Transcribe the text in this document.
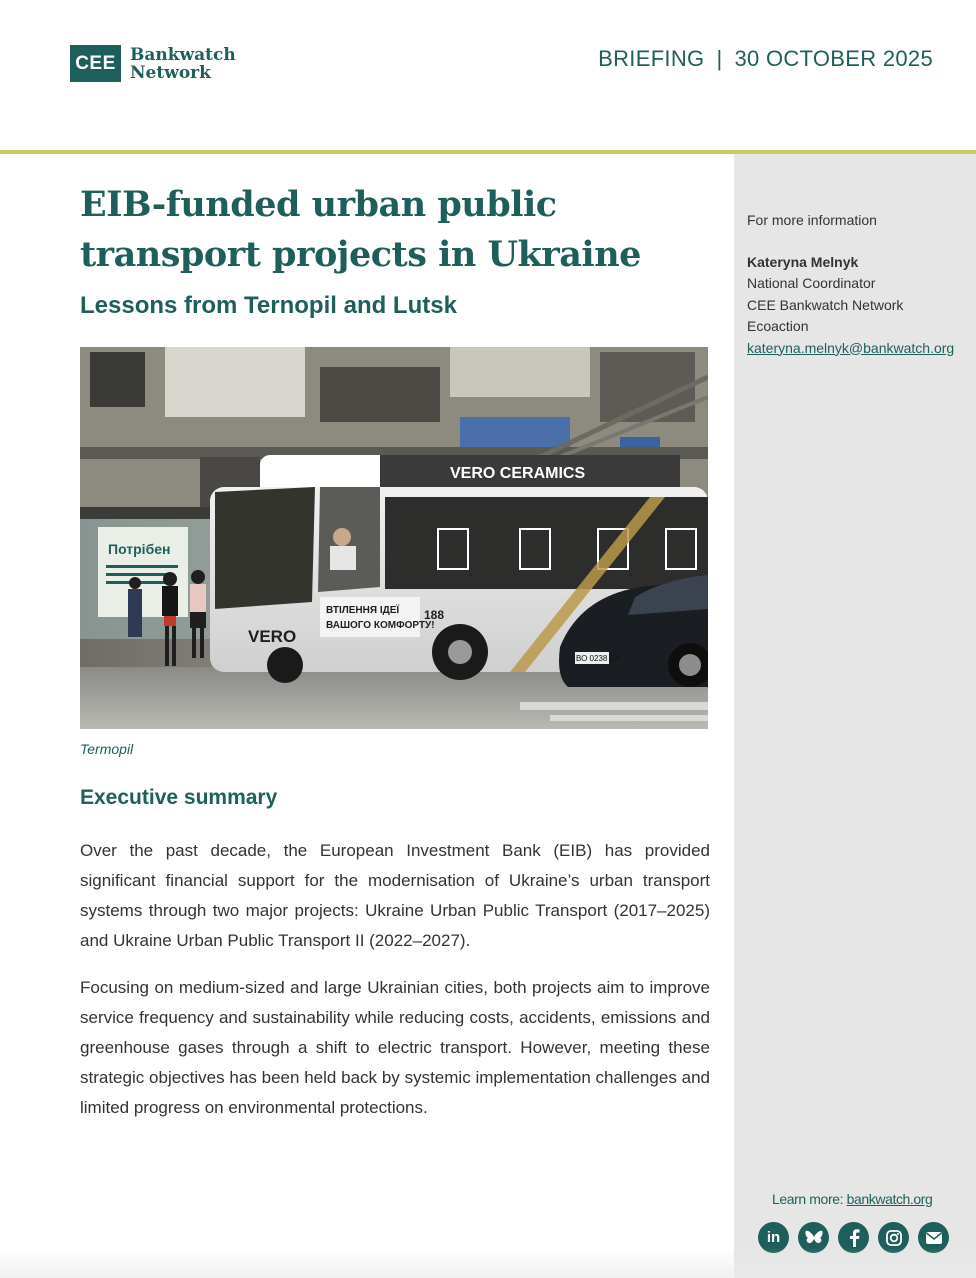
CEE Bankwatch
Network
BRIEFING | 30 OCTOBER 2025
EIB-funded urban public transport projects in Ukraine
Lessons from Ternopil and Lutsk
Потрібен
VERO CERAMICS
ВТІЛЕННЯ ІДЕЇ
ВАШОГО КОМФОРТУ!
188
VERO
ВО 0238 СХ
Termopil
Executive summary

Over the past decade, the European Investment Bank (EIB) has provided significant financial support for the modernisation of Ukraine’s urban transport systems through two major projects: Ukraine Urban Public Transport (2017–2025) and Ukraine Urban Public Transport II (2022–2027).

Focusing on medium-sized and large Ukrainian cities, both projects aim to improve service frequency and sustainability while reducing costs, accidents, emissions and greenhouse gases through a shift to electric transport. However, meeting these strategic objectives has been held back by systemic implementation challenges and limited progress on environmental protections.

For more information
Kateryna Melnyk
National Coordinator
CEE Bankwatch Network
Ecoaction
kateryna.melnyk@bankwatch.org
Learn more: bankwatch.org
in
